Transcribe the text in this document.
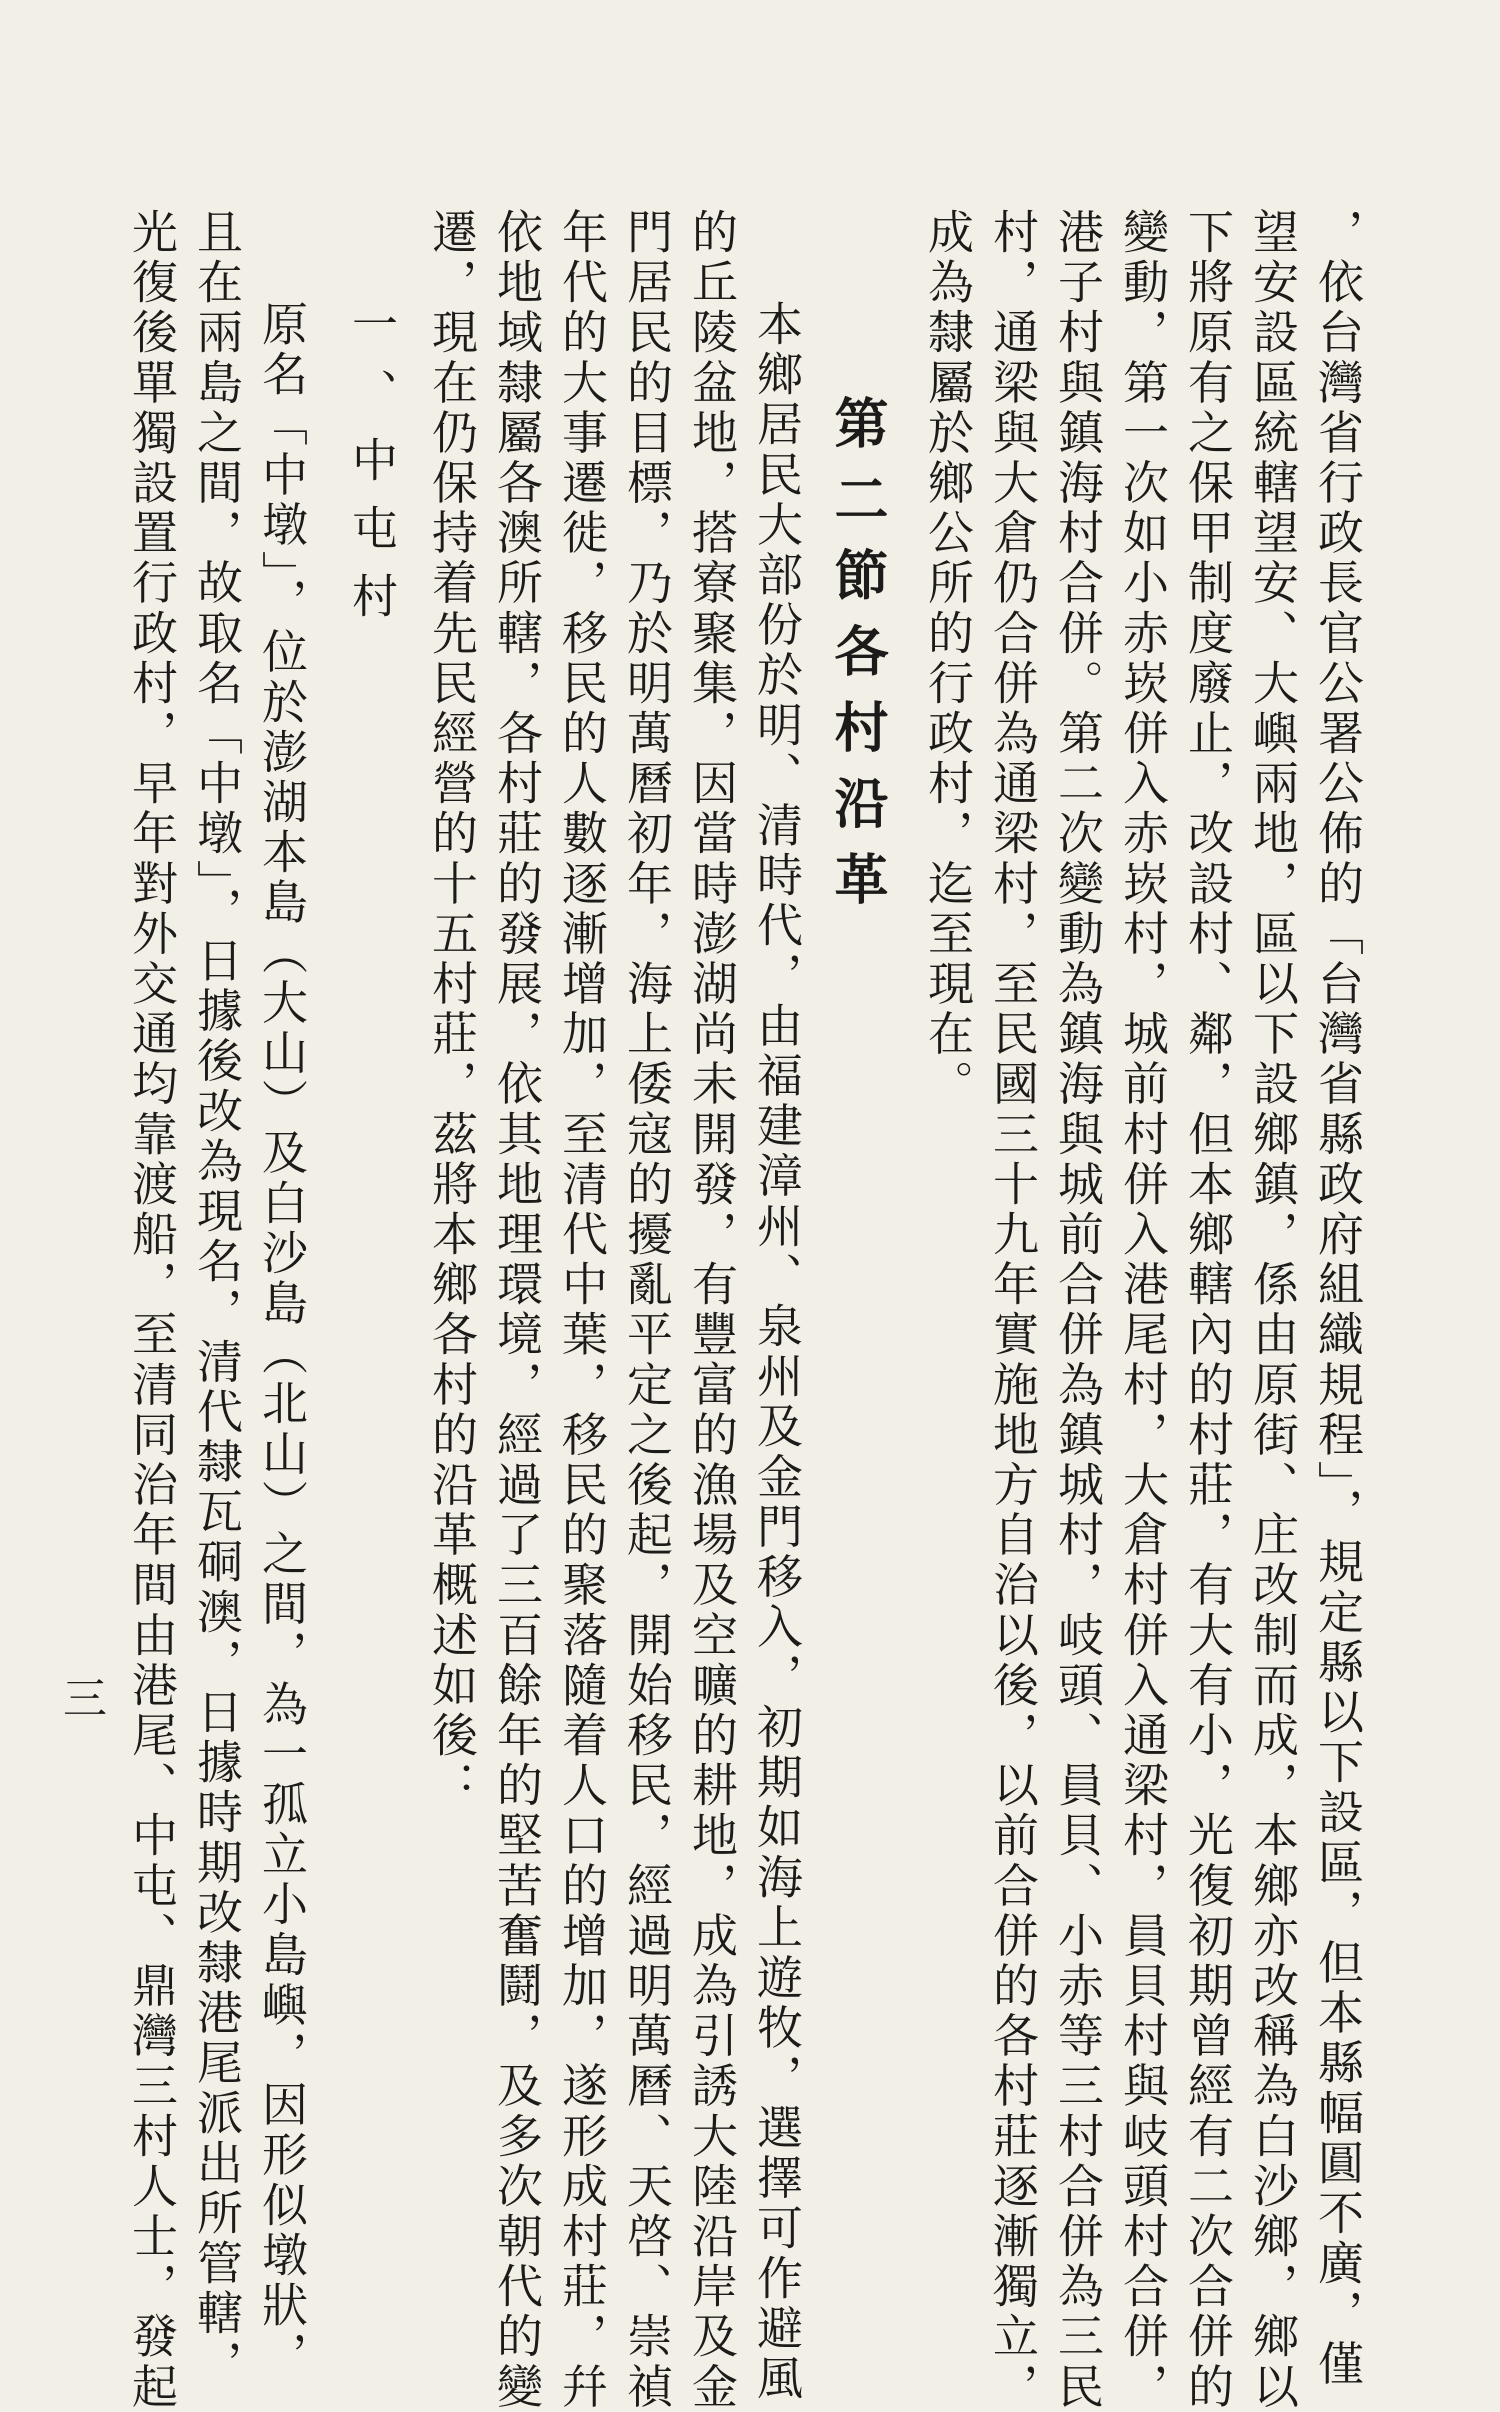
，依台灣省行政長官公署公佈的「台灣省縣政府組織規程」，規定縣以下設區，但本縣幅圓不廣，僅
望安設區統轄望安、大嶼兩地，區以下設鄉鎮，係由原街、庄改制而成，本鄉亦改稱為白沙鄉，鄉以
下將原有之保甲制度廢止，改設村、鄰，但本鄉轄內的村莊，有大有小，光復初期曾經有二次合併的
變動，第一次如小赤崁併入赤崁村，城前村併入港尾村，大倉村併入通梁村，員貝村與岐頭村合併，
港子村與鎮海村合併。第二次變動為鎮海與城前合併為鎮城村，岐頭、員貝、小赤等三村合併為三民
村，通梁與大倉仍合併為通梁村，至民國三十九年實施地方自治以後，以前合併的各村莊逐漸獨立，
成為隸屬於鄉公所的行政村，迄至現在。
第二節各村沿革
本鄉居民大部份於明、清時代，由福建漳州、泉州及金門移入，初期如海上遊牧，選擇可作避風
的丘陵盆地，搭寮聚集，因當時澎湖尚未開發，有豐富的漁場及空曠的耕地，成為引誘大陸沿岸及金
門居民的目標，乃於明萬曆初年，海上倭寇的擾亂平定之後起，開始移民，經過明萬曆、天啓、崇禎
年代的大事遷徙，移民的人數逐漸增加，至清代中葉，移民的聚落隨着人口的增加，遂形成村莊，幷
依地域隸屬各澳所轄，各村莊的發展，依其地理環境，經過了三百餘年的堅苦奮鬪，及多次朝代的變
遷，現在仍保持着先民經營的十五村莊，茲將本鄉各村的沿革概述如後：
一、中屯村
原名「中墩」，位於澎湖本島（大山）及白沙島（北山）之間，為一孤立小島嶼，因形似墩狀，
且在兩島之間，故取名「中墩」，日據後改為現名，清代隸瓦硐澳，日據時期改隸港尾派出所管轄，
光復後單獨設置行政村，早年對外交通均靠渡船，至清同治年間由港尾、中屯、鼎灣三村人士，發起
三
